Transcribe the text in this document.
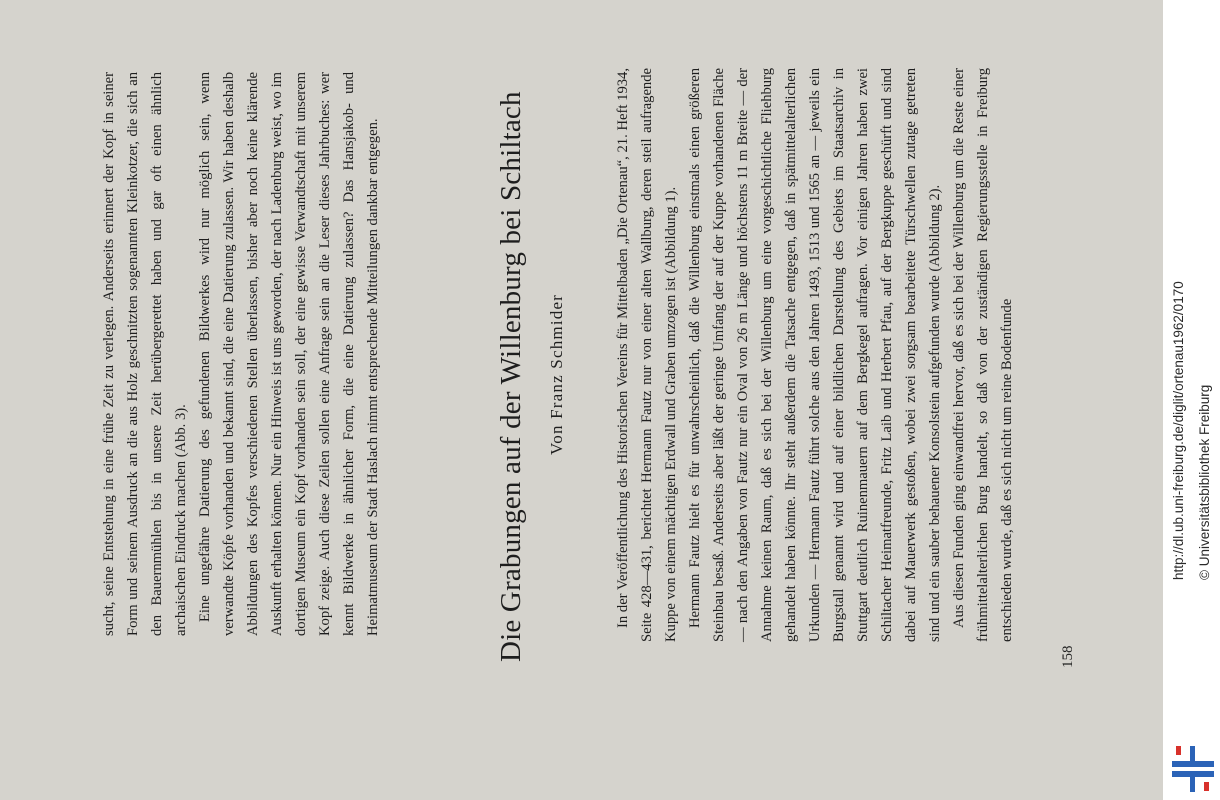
sucht, seine Entstehung in eine frühe Zeit zu verlegen. Anderseits erinnert der Kopf in seiner Form und seinem Ausdruck an die aus Holz geschnitzten sogenannten Kleinkotzer, die sich an den Bauernmühlen bis in unsere Zeit herübergerettet haben und gar oft einen ähnlich archaischen Eindruck machen (Abb. 3). Eine ungefähre Datierung des gefundenen Bildwerkes wird nur möglich sein, wenn verwandte Köpfe vorhanden und bekannt sind, die eine Datierung zulassen. Wir haben deshalb Abbildungen des Kopfes verschiedenen Stellen überlassen, bisher aber noch keine klärende Auskunft erhalten können. Nur ein Hinweis ist uns geworden, der nach Ladenburg weist, wo im dortigen Museum ein Kopf vorhanden sein soll, der eine gewisse Verwandtschaft mit unserem Kopf zeige. Auch diese Zeilen sollen eine Anfrage sein an die Leser dieses Jahrbuches: wer kennt Bildwerke in ähnlicher Form, die eine Datierung zulassen? Das Hansjakob- und Heimatmuseum der Stadt Haslach nimmt entsprechende Mitteilungen dankbar entgegen.	Die Grabungen auf der Willenburg bei Schiltach	Von Franz Schmider	In der Veröffentlichung des Historischen Vereins für Mittelbaden „Die Ortenau“, 21. Heft 1934, Seite 428—431, berichtet Hermann Fautz nur von einer alten Wallburg, deren steil aufragende Kuppe von einem mächtigen Erdwall und Graben umzogen ist (Abbildung 1). Hermann Fautz hielt es für unwahrscheinlich, daß die Willenburg einstmals einen größeren Steinbau besaß. Anderseits aber läßt der geringe Umfang der auf der Kuppe vorhandenen Fläche — nach den Angaben von Fautz nur ein Oval von 26 m Länge und höchstens 11 m Breite — der Annahme keinen Raum, daß es sich bei der Willenburg um eine vorgeschichtliche Fliehburg gehandelt haben könnte. Ihr steht außerdem die Tatsache entgegen, daß in spätmittelalterlichen Urkunden — Hermann Fautz führt solche aus den Jahren 1493, 1513 und 1565 an — jeweils ein Burgstall genannt wird und auf einer bildlichen Darstellung des Gebiets im Staatsarchiv in Stuttgart deutlich Ruinenmauern auf dem Bergkegel aufragen. Vor einigen Jahren haben zwei Schiltacher Heimatfreunde, Fritz Laib und Herbert Pfau, auf der Bergkuppe geschürft und sind dabei auf Mauerwerk gestoßen, wobei zwei sorgsam bearbeitete Türschwellen zutage getreten sind und ein sauber behauener Konsolstein aufgefunden wurde (Abbildung 2). Aus diesen Funden ging einwandfrei hervor, daß es sich bei der Willenburg um die Reste einer frühmittelalterlichen Burg handelt, so daß von der zuständigen Regierungsstelle in Freiburg entschieden wurde, daß es sich nicht um reine Bodenfunde

158
http://dl.ub.uni-freiburg.de/diglit/ortenau1962/0170 © Universitätsbibliothek Freiburg
